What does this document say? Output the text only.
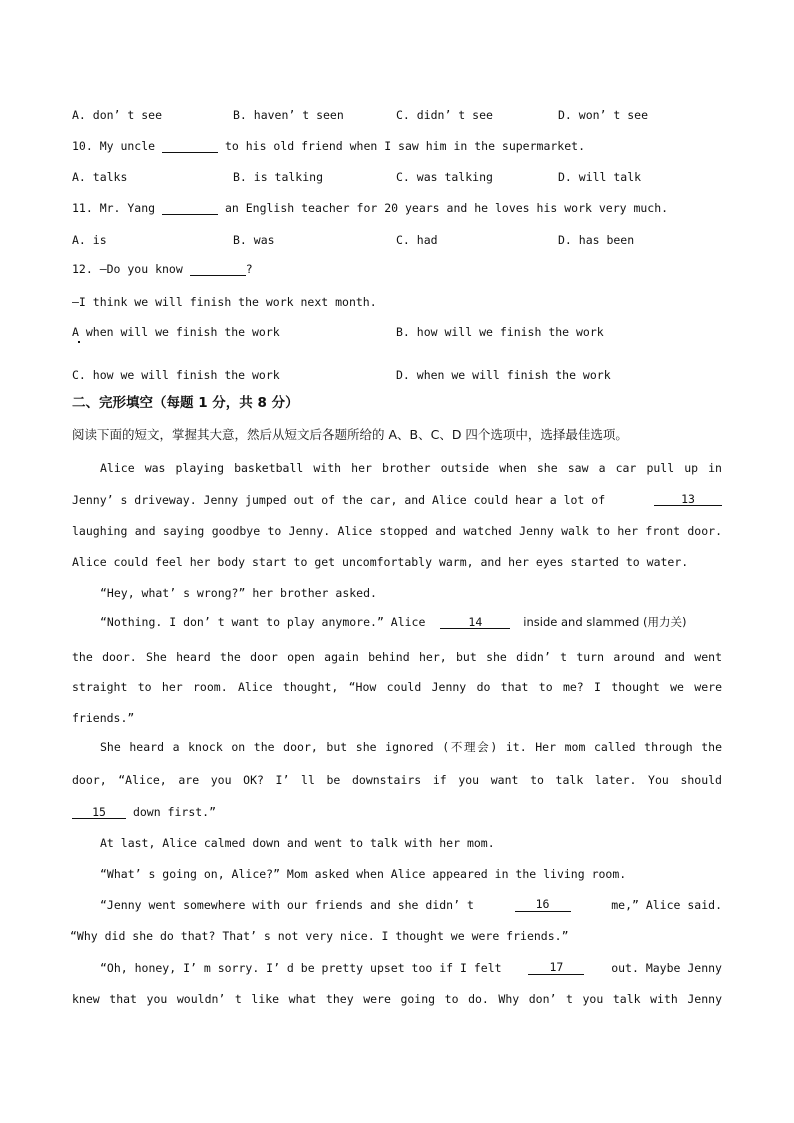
A. don’ t see	B. haven’ t seen	C. didn’ t see	D. won’ t see
10. My uncle	to his old friend when I saw him in the supermarket.
A. talks	B. is talking	C. was talking	D. will talk
11. Mr. Yang	an English teacher for 20 years and he loves his work very much.
A. is	B. was	C. had	D. has been
12. —Do you know	?
—I think we will finish the work next month.
A when will we finish the work	B. how will we finish the work
C. how we will finish the work	D. when we will finish the work
二、完形填空（每题 1 分，共 8 分）
阅读下面的短文，掌握其大意，然后从短文后各题所给的 A、B、C、D 四个选项中，选择最佳选项。
Alice was playing basketball with her brother outside when she saw a car pull up in
Jenny’ s driveway. Jenny jumped out of the car, and Alice could hear a lot of	13
laughing and saying goodbye to Jenny. Alice stopped and watched Jenny walk to her front door.
Alice could feel her body start to get uncomfortably warm, and her eyes started to water.
“Hey, what’ s wrong?” her brother asked.
“Nothing. I don’ t want to play anymore.” Alice	14	inside and slammed (用力关)
the door. She heard the door open again behind her, but she didn’ t turn around and went
straight to her room. Alice thought, “How could Jenny do that to me? I thought we were
friends.”
She heard a knock on the door, but she ignored (不理会) it. Her mom called through the
door, “Alice, are you OK? I’ ll be downstairs if you want to talk later. You should
15 down first.”
At last, Alice calmed down and went to talk with her mom.
“What’ s going on, Alice?” Mom asked when Alice appeared in the living room.
“Jenny went somewhere with our friends and she didn’ t	16	me,” Alice said.
“Why did she do that? That’ s not very nice. I thought we were friends.”
“Oh, honey, I’ m sorry. I’ d be pretty upset too if I felt	17	out. Maybe Jenny
knew that you wouldn’ t like what they were going to do. Why don’ t you talk with Jenny
